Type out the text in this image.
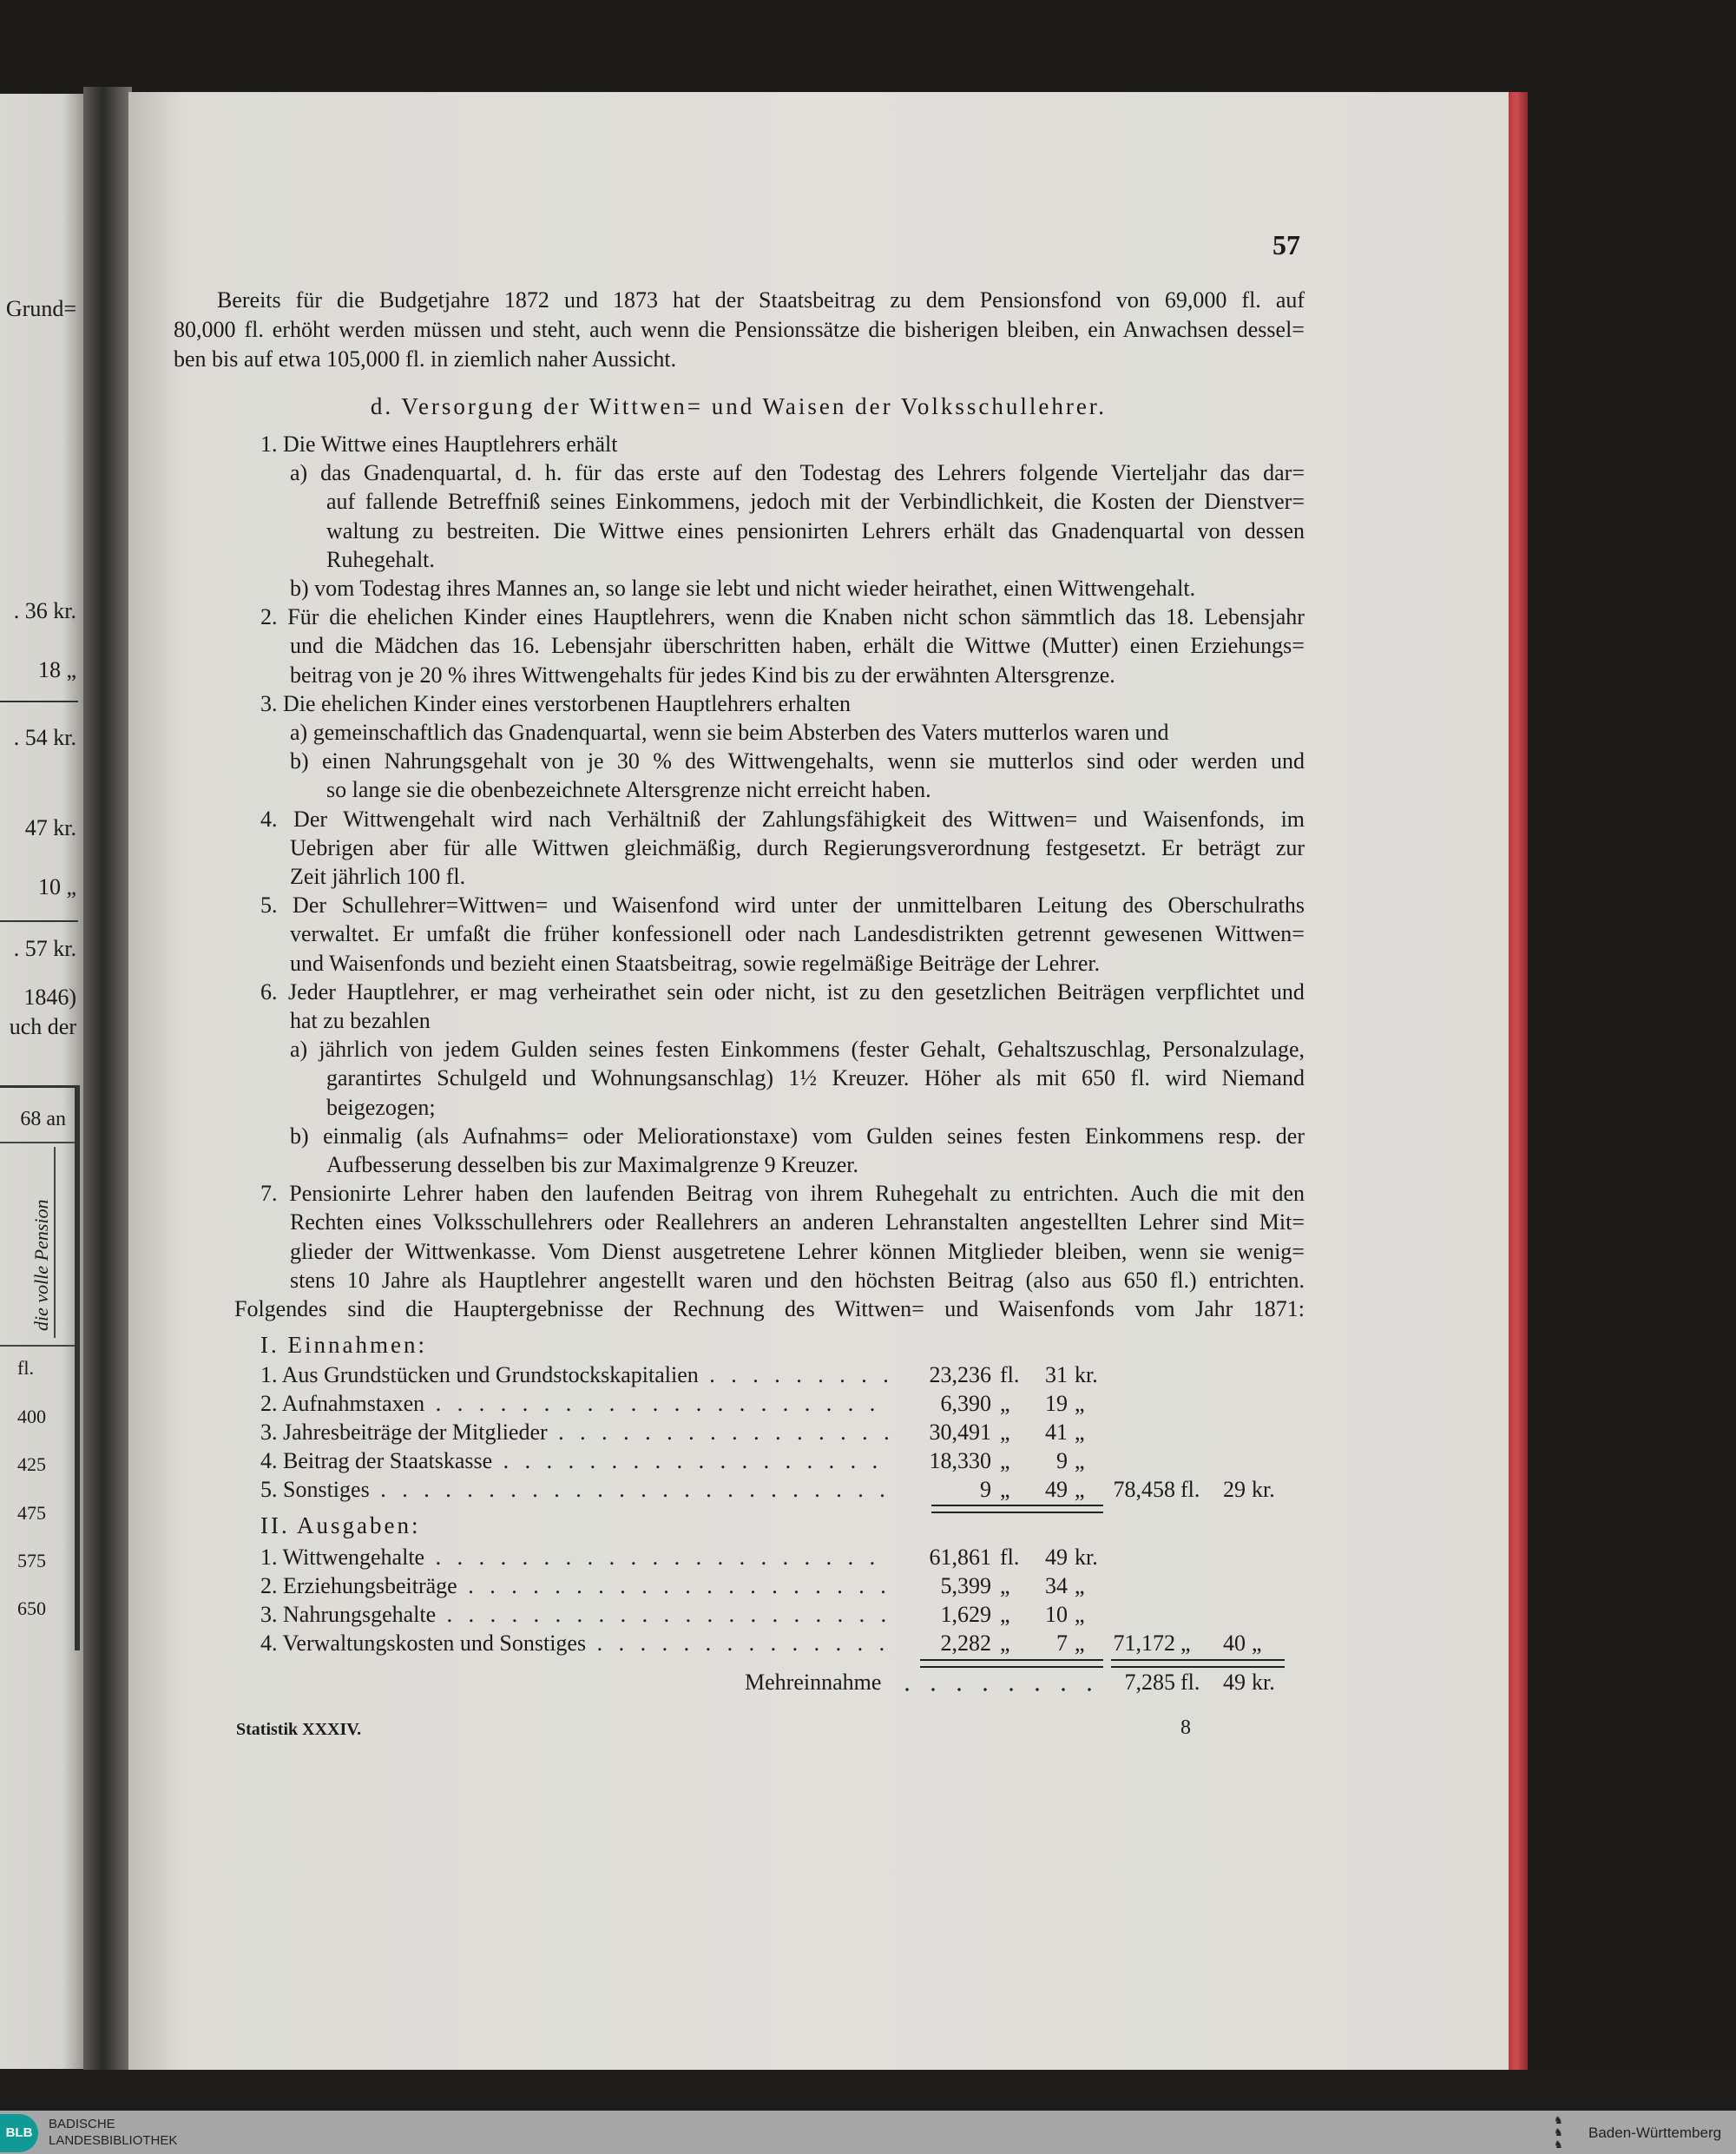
Grund=
. 36 kr.
18 „
. 54 kr.
47 kr.
10 „
. 57 kr.
1846)
uch der
68 an
die volle Pension
fl.
400
425
475
575
650
57
Bereits für die Budgetjahre 1872 und 1873 hat der Staatsbeitrag zu dem Pensionsfond von 69,000 fl. auf
80,000 fl. erhöht werden müssen und steht, auch wenn die Pensionssätze die bisherigen bleiben, ein Anwachsen dessel=
ben bis auf etwa 105,000 fl. in ziemlich naher Aussicht.
d. Versorgung der Wittwen= und Waisen der Volksschullehrer.
1. Die Wittwe eines Hauptlehrers erhält
a) das Gnadenquartal, d. h. für das erste auf den Todestag des Lehrers folgende Vierteljahr das dar=
auf fallende Betreffniß seines Einkommens, jedoch mit der Verbindlichkeit, die Kosten der Dienstver=
waltung zu bestreiten. Die Wittwe eines pensionirten Lehrers erhält das Gnadenquartal von dessen
Ruhegehalt.
b) vom Todestag ihres Mannes an, so lange sie lebt und nicht wieder heirathet, einen Wittwengehalt.
2. Für die ehelichen Kinder eines Hauptlehrers, wenn die Knaben nicht schon sämmtlich das 18. Lebensjahr
und die Mädchen das 16. Lebensjahr überschritten haben, erhält die Wittwe (Mutter) einen Erziehungs=
beitrag von je 20 % ihres Wittwengehalts für jedes Kind bis zu der erwähnten Altersgrenze.
3. Die ehelichen Kinder eines verstorbenen Hauptlehrers erhalten
a) gemeinschaftlich das Gnadenquartal, wenn sie beim Absterben des Vaters mutterlos waren und
b) einen Nahrungsgehalt von je 30 % des Wittwengehalts, wenn sie mutterlos sind oder werden und
so lange sie die obenbezeichnete Altersgrenze nicht erreicht haben.
4. Der Wittwengehalt wird nach Verhältniß der Zahlungsfähigkeit des Wittwen= und Waisenfonds, im
Uebrigen aber für alle Wittwen gleichmäßig, durch Regierungsverordnung festgesetzt. Er beträgt zur
Zeit jährlich 100 fl.
5. Der Schullehrer=Wittwen= und Waisenfond wird unter der unmittelbaren Leitung des Oberschulraths
verwaltet. Er umfaßt die früher konfessionell oder nach Landesdistrikten getrennt gewesenen Wittwen=
und Waisenfonds und bezieht einen Staatsbeitrag, sowie regelmäßige Beiträge der Lehrer.
6. Jeder Hauptlehrer, er mag verheirathet sein oder nicht, ist zu den gesetzlichen Beiträgen verpflichtet und
hat zu bezahlen
a) jährlich von jedem Gulden seines festen Einkommens (fester Gehalt, Gehaltszuschlag, Personalzulage,
garantirtes Schulgeld und Wohnungsanschlag) 1½ Kreuzer. Höher als mit 650 fl. wird Niemand
beigezogen;
b) einmalig (als Aufnahms= oder Meliorationstaxe) vom Gulden seines festen Einkommens resp. der
Aufbesserung desselben bis zur Maximalgrenze 9 Kreuzer.
7. Pensionirte Lehrer haben den laufenden Beitrag von ihrem Ruhegehalt zu entrichten. Auch die mit den
Rechten eines Volksschullehrers oder Reallehrers an anderen Lehranstalten angestellten Lehrer sind Mit=
glieder der Wittwenkasse. Vom Dienst ausgetretene Lehrer können Mitglieder bleiben, wenn sie wenig=
stens 10 Jahre als Hauptlehrer angestellt waren und den höchsten Beitrag (also aus 650 fl.) entrichten.
Folgendes sind die Hauptergebnisse der Rechnung des Wittwen= und Waisenfonds vom Jahr 1871:
I. Einnahmen:
II. Ausgaben:
1. Aus Grundstücken und Grundstockskapitalien . . .	23,236 fl.	31 kr.
2. Aufnahmstaxen . . .	6,390 „	19 „
3. Jahresbeiträge der Mitglieder . . .	30,491 „	41 „
4. Beitrag der Staatskasse . . .	18,330 „	9 „
5. Sonstiges . . .	9 „	49 „	78,458 fl.	29 kr.
1. Wittwengehalte . . .	61,861 fl.	49 kr.
2. Erziehungsbeiträge . . .	5,399 „	34 „
3. Nahrungsgehalte . . .	1,629 „	10 „
4. Verwaltungskosten und Sonstiges . . .	2,282 „	7 „	71,172 „	40 „
Mehreinnahme	7,285 fl.	49 kr.
Statistik XXXIV.	8
BLB
BADISCHE
LANDESBIBLIOTHEK
♞
♞
♞
Baden-Württemberg
